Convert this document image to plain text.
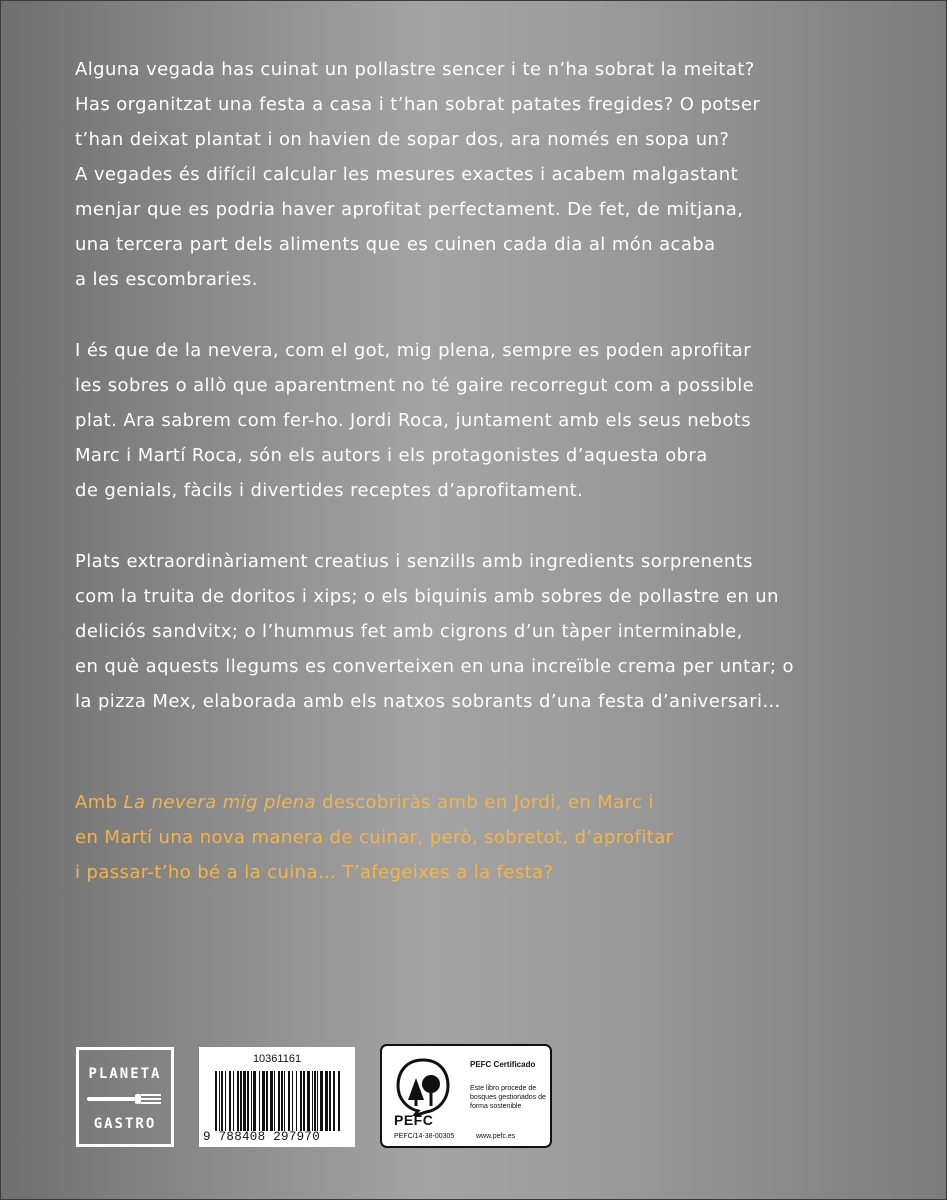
Alguna vegada has cuinat un pollastre sencer i te n’ha sobrat la meitat?
Has organitzat una festa a casa i t’han sobrat patates fregides? O potser
t’han deixat plantat i on havien de sopar dos, ara només en sopa un?
A vegades és difícil calcular les mesures exactes i acabem malgastant
menjar que es podria haver aprofitat perfectament. De fet, de mitjana,
una tercera part dels aliments que es cuinen cada dia al món acaba
a les escombraries.

I és que de la nevera, com el got, mig plena, sempre es poden aprofitar
les sobres o allò que aparentment no té gaire recorregut com a possible
plat. Ara sabrem com fer-ho. Jordi Roca, juntament amb els seus nebots
Marc i Martí Roca, són els autors i els protagonistes d’aquesta obra
de genials, fàcils i divertides receptes d’aprofitament.

Plats extraordinàriament creatius i senzills amb ingredients sorprenents
com la truita de doritos i xips; o els biquinis amb sobres de pollastre en un
deliciós sandvitx; o l’hummus fet amb cigrons d’un tàper interminable,
en què aquests llegums es converteixen en una increïble crema per untar; o
la pizza Mex, elaborada amb els natxos sobrants d’una festa d’aniversari…

Amb La nevera mig plena descobriràs amb en Jordi, en Marc i
en Martí una nova manera de cuinar, però, sobretot, d’aprofitar
i passar-t’ho bé a la cuina… T’afegeixes a la festa?
PLANETA
GASTRO
10361161
9 788408 297970
PEFC
PEFC Certificado
Este libro procede de bosques gestionados de forma sostenible
PEFC/14-38-00305	www.pefc.es
